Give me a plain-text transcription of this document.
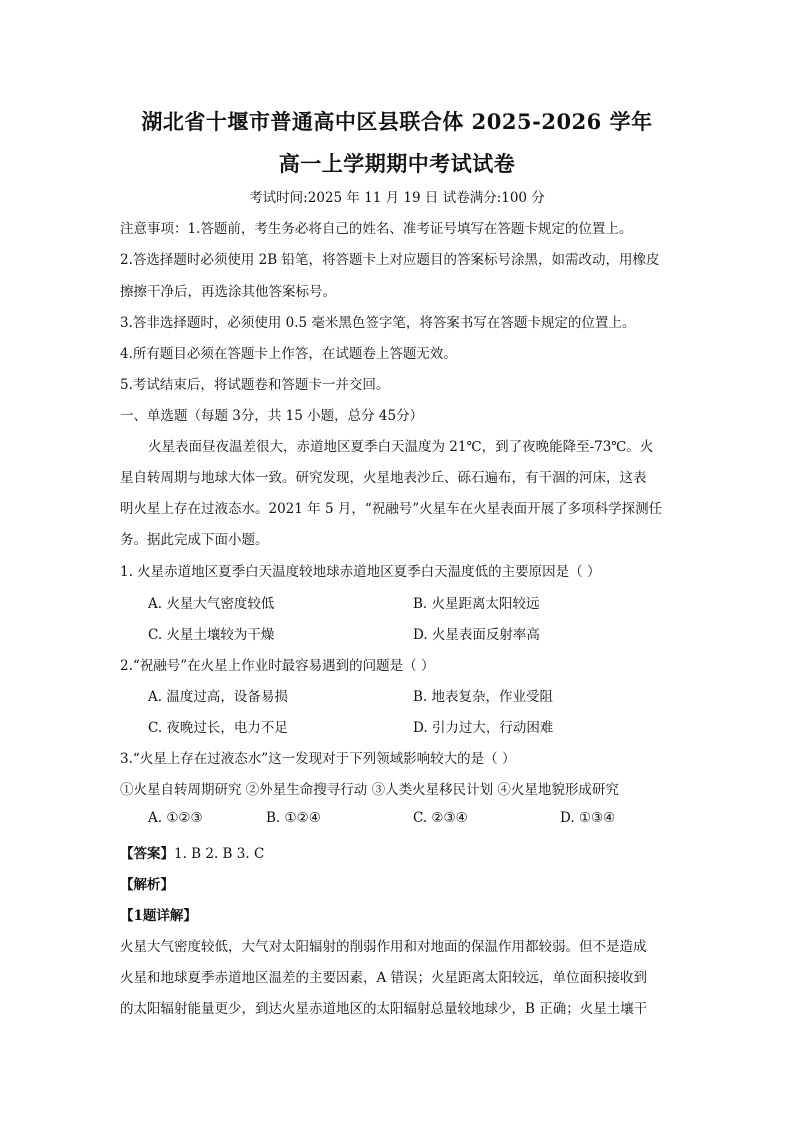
湖北省十堰市普通高中区县联合体 2025-2026 学年
高一上学期期中考试试卷
考试时间:2025 年 11 月 19 日 试卷满分:100 分
注意事项：1.答题前，考生务必将自己的姓名、准考证号填写在答题卡规定的位置上。
2.答选择题时必须使用 2B 铅笔，将答题卡上对应题目的答案标号涂黑，如需改动，用橡皮
擦擦干净后，再选涂其他答案标号。
3.答非选择题时，必须使用 0.5 毫米黑色签字笔，将答案书写在答题卡规定的位置上。
4.所有题目必须在答题卡上作答，在试题卷上答题无效。
5.考试结束后，将试题卷和答题卡一并交回。
一、单选题（每题 3分，共 15 小题，总分 45分）
火星表面昼夜温差很大，赤道地区夏季白天温度为 21℃，到了夜晚能降至-73℃。火
星自转周期与地球大体一致。研究发现，火星地表沙丘、砾石遍布，有干涸的河床，这表
明火星上存在过液态水。2021 年 5 月，“祝融号”火星车在火星表面开展了多项科学探测任
务。据此完成下面小题。
1. 火星赤道地区夏季白天温度较地球赤道地区夏季白天温度低的主要原因是（ ）
A. 火星大气密度较低	B. 火星距离太阳较远
C. 火星土壤较为干燥	D. 火星表面反射率高
2.“祝融号”在火星上作业时最容易遇到的问题是（ ）
A. 温度过高，设备易损	B. 地表复杂，作业受阻
C. 夜晚过长，电力不足	D. 引力过大，行动困难
3.“火星上存在过液态水”这一发现对于下列领域影响较大的是（ ）
①火星自转周期研究 ②外星生命搜寻行动 ③人类火星移民计划 ④火星地貌形成研究
A. ①②③	B. ①②④	C. ②③④	D. ①③④
【答案】1. B 2. B 3. C
【解析】
【1题详解】
火星大气密度较低，大气对太阳辐射的削弱作用和对地面的保温作用都较弱。但不是造成
火星和地球夏季赤道地区温差的主要因素，A 错误；火星距离太阳较远，单位面积接收到
的太阳辐射能量更少，到达火星赤道地区的太阳辐射总量较地球少，B 正确；火星土壤干
